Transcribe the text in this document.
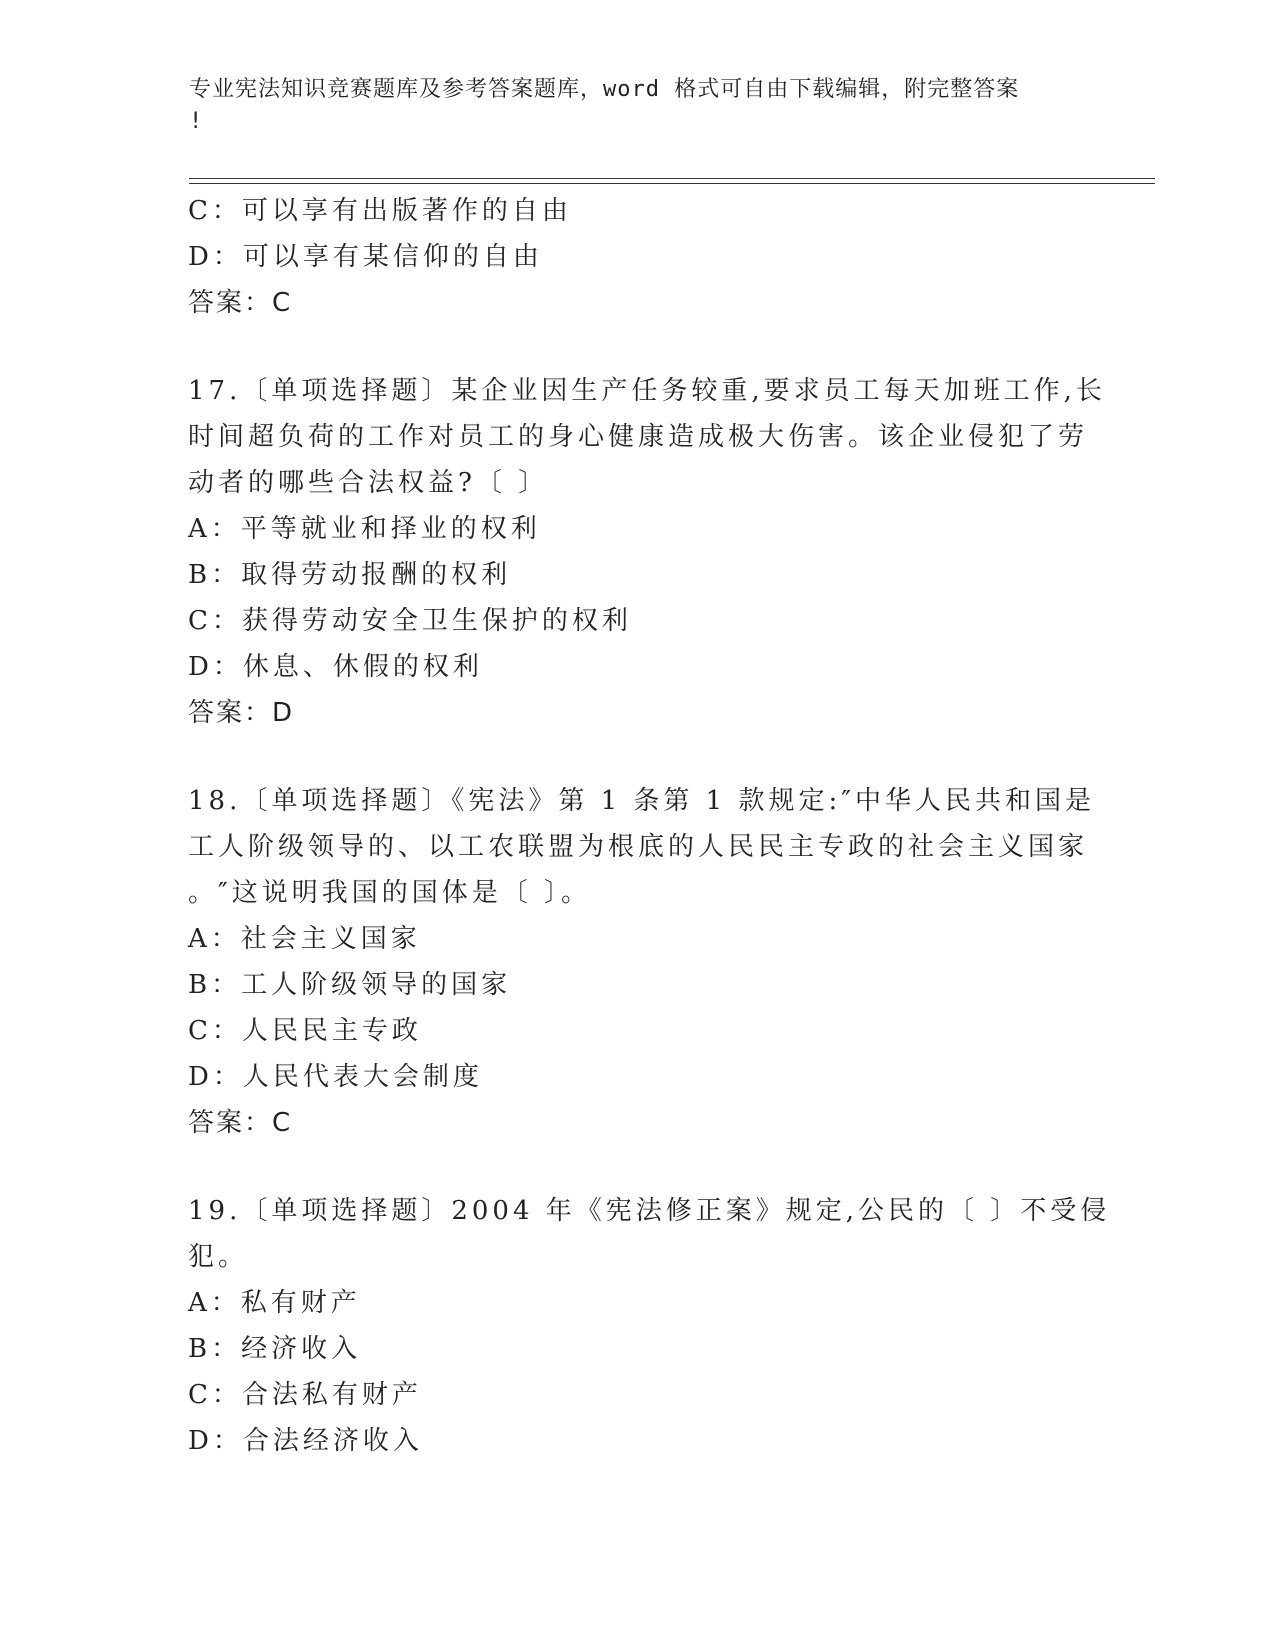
专业宪法知识竞赛题库及参考答案题库，word 格式可自由下载编辑，附完整答案
!
C：可以享有出版著作的自由
D：可以享有某信仰的自由
答案：C
17.〔单项选择题〕某企业因生产任务较重,要求员工每天加班工作,长
时间超负荷的工作对员工的身心健康造成极大伤害。该企业侵犯了劳
动者的哪些合法权益?〔 〕
A：平等就业和择业的权利
B：取得劳动报酬的权利
C：获得劳动安全卫生保护的权利
D：休息、休假的权利
答案：D
18.〔单项选择题〕《宪法》第 1 条第 1 款规定:″中华人民共和国是
工人阶级领导的、以工农联盟为根底的人民民主专政的社会主义国家
。″这说明我国的国体是〔 〕。
A：社会主义国家
B：工人阶级领导的国家
C：人民民主专政
D：人民代表大会制度
答案：C
19.〔单项选择题〕2004 年《宪法修正案》规定,公民的〔 〕不受侵
犯。
A：私有财产
B：经济收入
C：合法私有财产
D：合法经济收入
